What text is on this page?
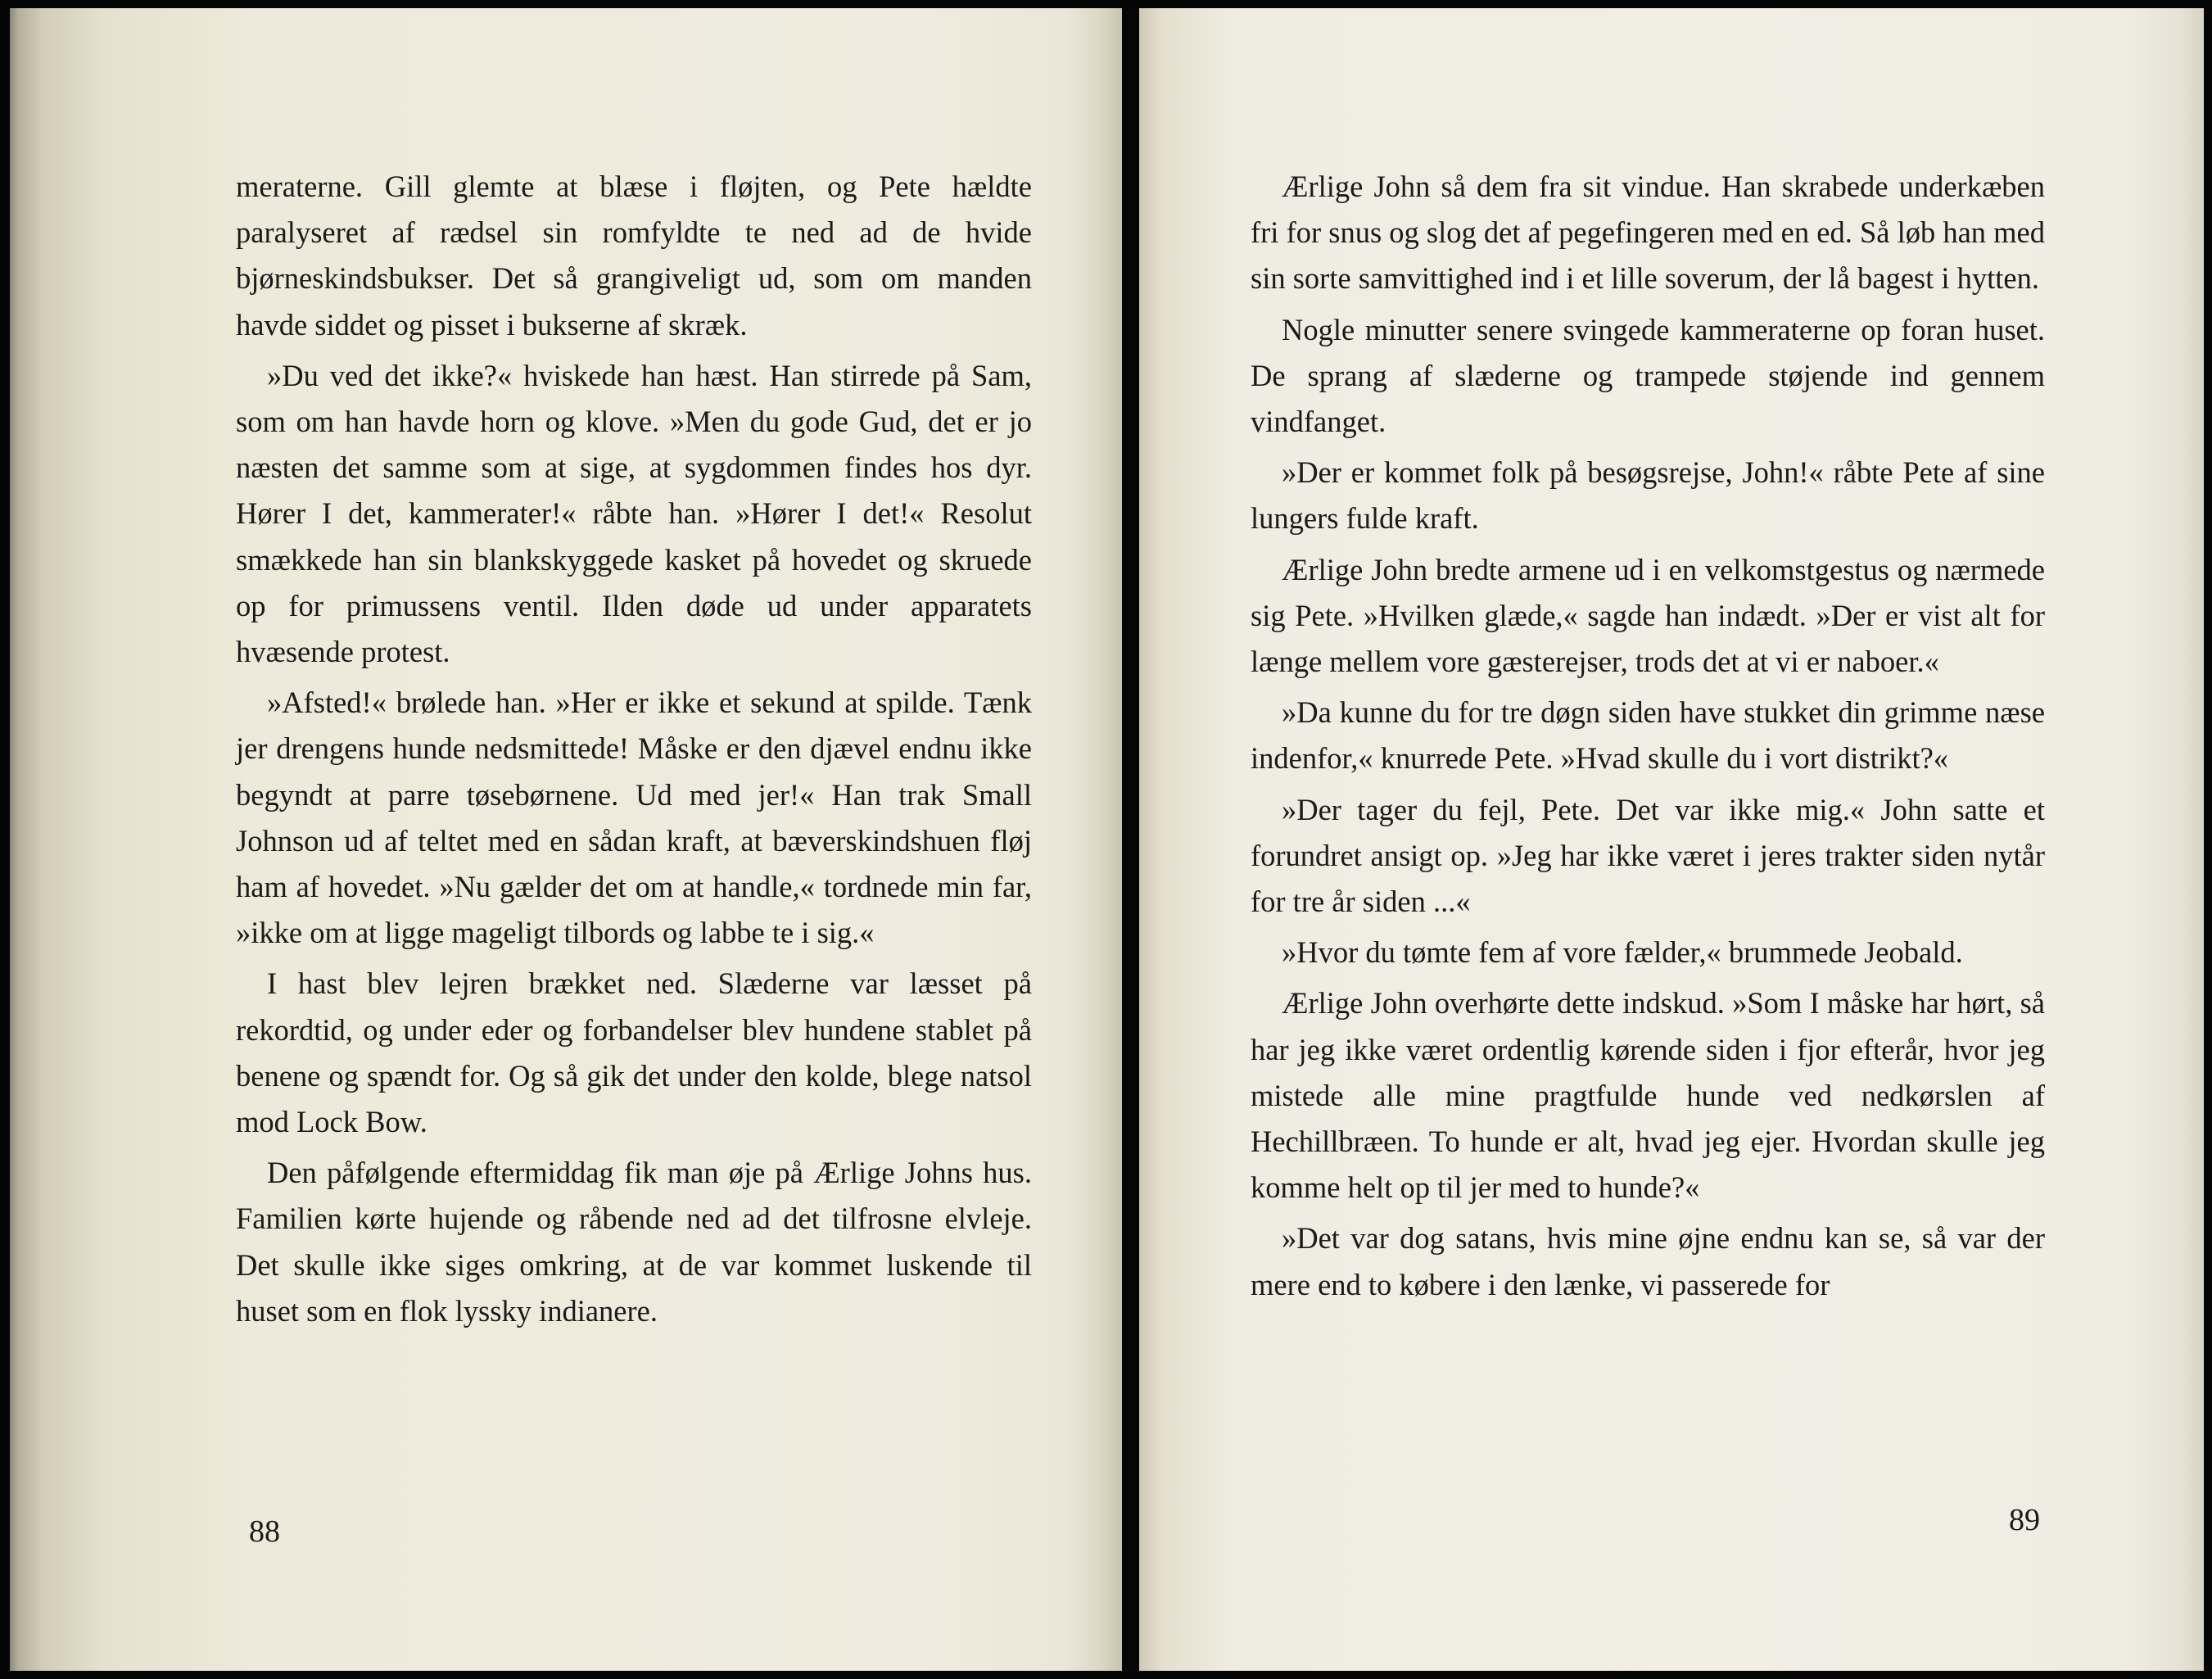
meraterne. Gill glemte at blæse i fløjten, og Pete hældte paralyseret af rædsel sin romfyldte te ned ad de hvide bjørneskindsbukser. Det så grangiveligt ud, som om manden havde siddet og pisset i bukserne af skræk.

»Du ved det ikke?« hviskede han hæst. Han stirrede på Sam, som om han havde horn og klove. »Men du gode Gud, det er jo næsten det samme som at sige, at sygdommen findes hos dyr. Hører I det, kammerater!« råbte han. »Hører I det!« Resolut smækkede han sin blankskyggede kasket på hovedet og skruede op for primussens ventil. Ilden døde ud under apparatets hvæsende protest.

»Afsted!« brølede han. »Her er ikke et sekund at spilde. Tænk jer drengens hunde nedsmittede! Måske er den djævel endnu ikke begyndt at parre tøsebørnene. Ud med jer!« Han trak Small Johnson ud af teltet med en sådan kraft, at bæverskindshuen fløj ham af hovedet. »Nu gælder det om at handle,« tordnede min far, »ikke om at ligge mageligt tilbords og labbe te i sig.«

I hast blev lejren brækket ned. Slæderne var læsset på rekordtid, og under eder og forbandelser blev hundene stablet på benene og spændt for. Og så gik det under den kolde, blege natsol mod Lock Bow.

Den påfølgende eftermiddag fik man øje på Ærlige Johns hus. Familien kørte hujende og råbende ned ad det tilfrosne elvleje. Det skulle ikke siges omkring, at de var kommet luskende til huset som en flok lyssky indianere.

88

Ærlige John så dem fra sit vindue. Han skrabede underkæben fri for snus og slog det af pegefingeren med en ed. Så løb han med sin sorte samvittighed ind i et lille soverum, der lå bagest i hytten.

Nogle minutter senere svingede kammeraterne op foran huset. De sprang af slæderne og trampede støjende ind gennem vindfanget.

»Der er kommet folk på besøgsrejse, John!« råbte Pete af sine lungers fulde kraft.

Ærlige John bredte armene ud i en velkomstgestus og nærmede sig Pete. »Hvilken glæde,« sagde han indædt. »Der er vist alt for længe mellem vore gæsterejser, trods det at vi er naboer.«

»Da kunne du for tre døgn siden have stukket din grimme næse indenfor,« knurrede Pete. »Hvad skulle du i vort distrikt?«

»Der tager du fejl, Pete. Det var ikke mig.« John satte et forundret ansigt op. »Jeg har ikke været i jeres trakter siden nytår for tre år siden ...«

»Hvor du tømte fem af vore fælder,« brummede Jeobald.

Ærlige John overhørte dette indskud. »Som I måske har hørt, så har jeg ikke været ordentlig kørende siden i fjor efterår, hvor jeg mistede alle mine pragtfulde hunde ved nedkørslen af Hechillbræen. To hunde er alt, hvad jeg ejer. Hvordan skulle jeg komme helt op til jer med to hunde?«

»Det var dog satans, hvis mine øjne endnu kan se, så var der mere end to købere i den lænke, vi passerede for

89
